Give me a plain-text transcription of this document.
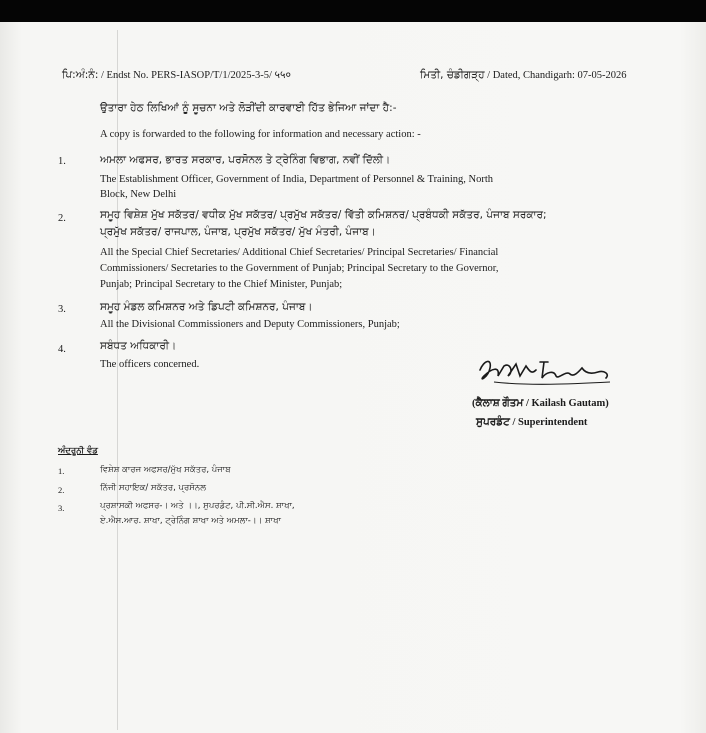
ਪਿ:ਅੰ:ਨੰ: / Endst No. PERS-IASOP/T/1/2025-3-5/ ५५०	ਮਿਤੀ, ਚੰਡੀਗੜ੍ਹ / Dated, Chandigarh: 07-05-2026
ਉਤਾਰਾ ਹੇਠ ਲਿਖਿਆਂ ਨੂੰ ਸੂਚਨਾ ਅਤੇ ਲੋੜੀਂਦੀ ਕਾਰਵਾਈ ਹਿੱਤ ਭੇਜਿਆ ਜਾਂਦਾ ਹੈ:-
A copy is forwarded to the following for information and necessary action: -
1.	ਅਮਲਾ ਅਫਸਰ, ਭਾਰਤ ਸਰਕਾਰ, ਪਰਸੋਨਲ ਤੇ ਟ੍ਰੇਨਿੰਗ ਵਿਭਾਗ, ਨਵੀਂ ਦਿੱਲੀ।
The Establishment Officer, Government of India, Department of Personnel & Training, North
Block, New Delhi
2.	ਸਮੂਹ ਵਿਸ਼ੇਸ਼ ਮੁੱਖ ਸਕੱਤਰ/ ਵਧੀਕ ਮੁੱਖ ਸਕੱਤਰ/ ਪ੍ਰਮੁੱਖ ਸਕੱਤਰ/ ਵਿੱਤੀ ਕਮਿਸ਼ਨਰ/ ਪ੍ਰਬੰਧਕੀ ਸਕੱਤਰ, ਪੰਜਾਬ ਸਰਕਾਰ;
ਪ੍ਰਮੁੱਖ ਸਕੱਤਰ/ ਰਾਜਪਾਲ, ਪੰਜਾਬ, ਪ੍ਰਮੁੱਖ ਸਕੱਤਰ/ ਮੁੱਖ ਮੰਤਰੀ, ਪੰਜਾਬ।
All the Special Chief Secretaries/ Additional Chief Secretaries/ Principal Secretaries/ Financial
Commissioners/ Secretaries to the Government of Punjab; Principal Secretary to the Governor,
Punjab; Principal Secretary to the Chief Minister, Punjab;
3.	ਸਮੂਹ ਮੰਡਲ ਕਮਿਸ਼ਨਰ ਅਤੇ ਡਿਪਟੀ ਕਮਿਸ਼ਨਰ, ਪੰਜਾਬ।
All the Divisional Commissioners and Deputy Commissioners, Punjab;
4.	ਸਬੰਧਤ ਅਧਿਕਾਰੀ।
The officers concerned.
(ਕੈਲਾਸ਼ ਗੌਤਮ / Kailash Gautam)
ਸੁਪਰਡੰਟ / Superintendent
ਅੰਦਰੂਨੀ ਵੰਡ
1.	ਵਿਸ਼ੇਸ਼ ਕਾਰਜ ਅਫਸਰ/ਮੁੱਖ ਸਕੱਤਰ, ਪੰਜਾਬ
2.	ਨਿੱਜੀ ਸਹਾਇਕ/ ਸਕੱਤਰ, ਪ੍ਰਸੋਨਲ
3.	ਪ੍ਰਸ਼ਾਸਕੀ ਅਫਸਰ-। ਅਤੇ ।।, ਸੁਪਰਡੰਟ, ਪੀ.ਸੀ.ਐਸ. ਸ਼ਾਖਾ,
ਏ.ਐਸ.ਆਰ. ਸ਼ਾਖਾ, ਟ੍ਰੇਨਿੰਗ ਸ਼ਾਖਾ ਅਤੇ ਅਮਲਾ-।। ਸ਼ਾਖਾ
